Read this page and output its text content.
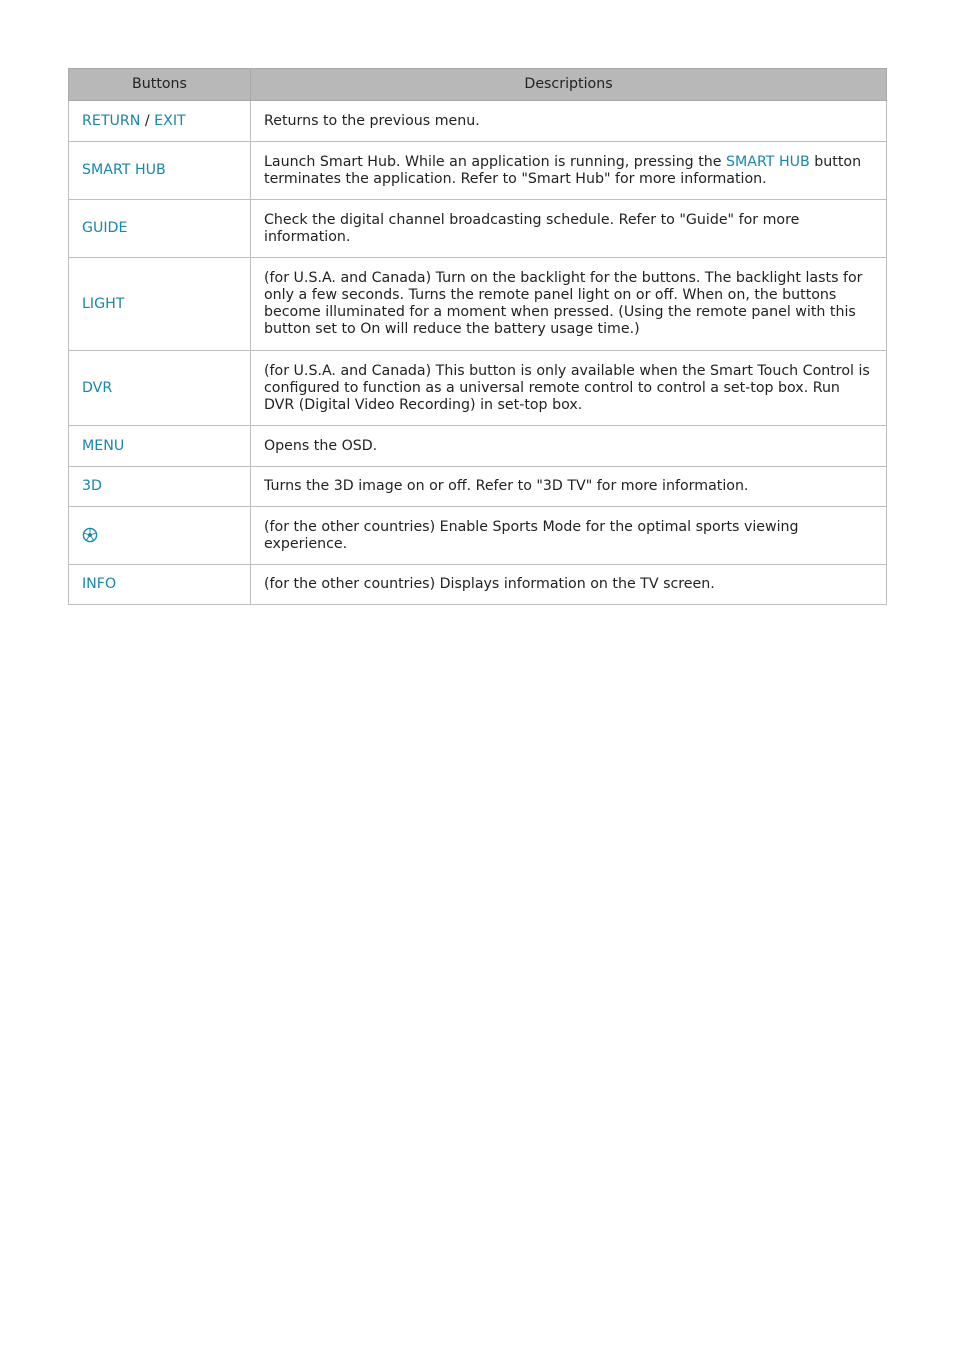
Buttons	Descriptions
RETURN / EXIT	Returns to the previous menu.
SMART HUB	Launch Smart Hub. While an application is running, pressing the SMART HUB button terminates the application. Refer to "Smart Hub" for more information.
GUIDE	Check the digital channel broadcasting schedule. Refer to "Guide" for more information.
LIGHT	(for U.S.A. and Canada) Turn on the backlight for the buttons. The backlight lasts for only a few seconds. Turns the remote panel light on or off. When on, the buttons become illuminated for a moment when pressed. (Using the remote panel with this button set to On will reduce the battery usage time.)
DVR	(for U.S.A. and Canada) This button is only available when the Smart Touch Control is configured to function as a universal remote control to control a set-top box. Run DVR (Digital Video Recording) in set-top box.
MENU	Opens the OSD.
3D	Turns the 3D image on or off. Refer to "3D TV" for more information.
	(for the other countries) Enable Sports Mode for the optimal sports viewing experience.
INFO	(for the other countries) Displays information on the TV screen.
